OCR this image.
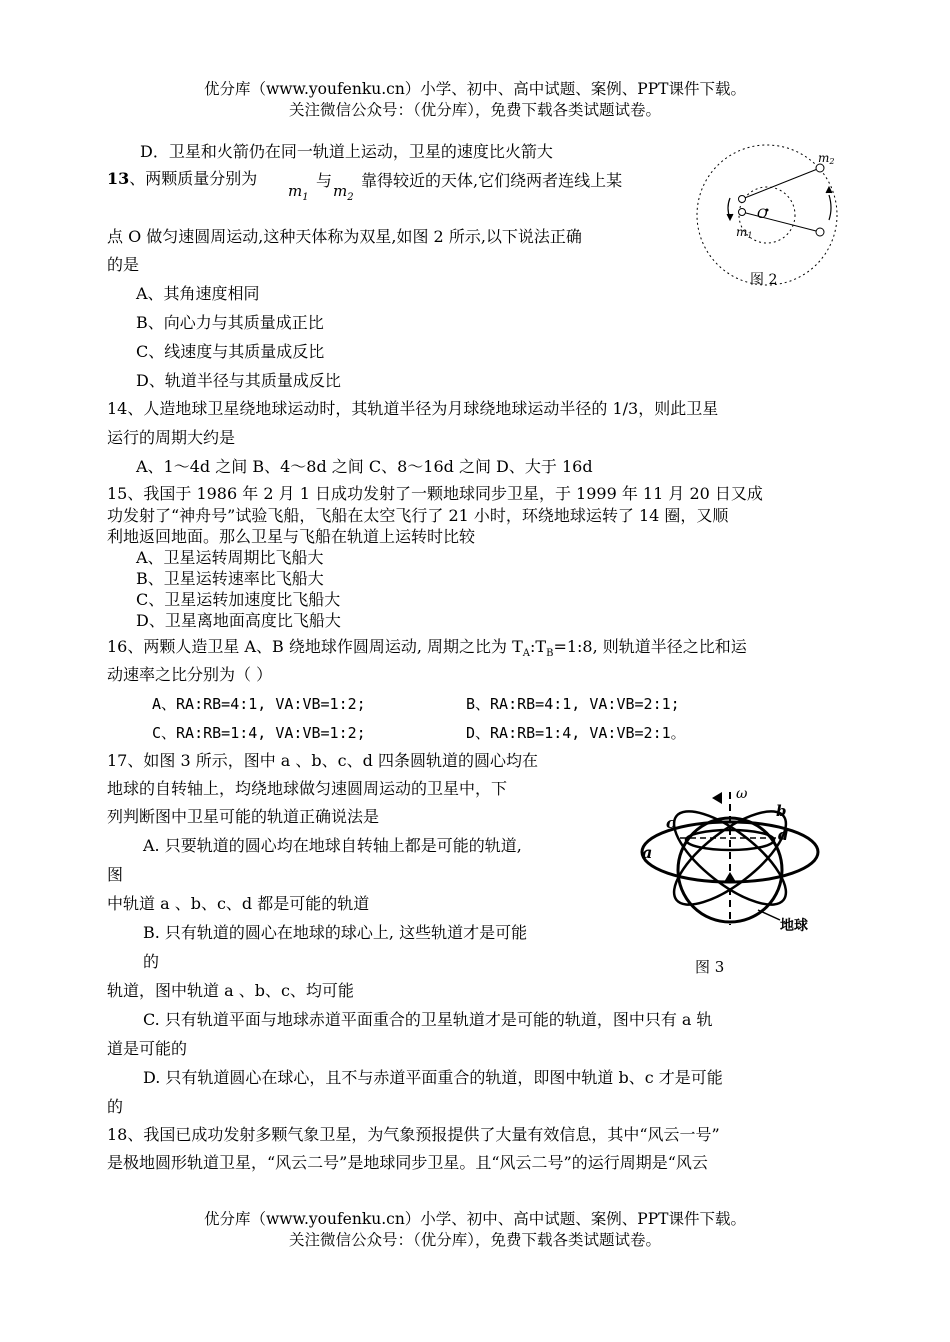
优分库（www.youfenku.cn）小学、初中、高中试题、案例、PPT课件下载。
关注微信公众号：（优分库），免费下载各类试题试卷。
D．卫星和火箭仍在同一轨道上运动，卫星的速度比火箭大
13、两颗质量分别为
$m_1$
与
$m_2$
靠得较近的天体,它们绕两者连线上某
点 O 做匀速圆周运动,这种天体称为双星,如图 2 所示,以下说法正确
的是
A、其角速度相同
B、向心力与其质量成正比
C、线速度与其质量成反比
D、轨道半径与其质量成反比
O
m2
m1
图 2
14、人造地球卫星绕地球运动时，其轨道半径为月球绕地球运动半径的 1/3，则此卫星
运行的周期大约是
A、1～4d 之间 B、4～8d 之间 C、8～16d 之间 D、大于 16d
15、我国于 1986 年 2 月 1 日成功发射了一颗地球同步卫星，于 1999 年 11 月 20 日又成
功发射了“神舟号”试验飞船，飞船在太空飞行了 21 小时，环绕地球运转了 14 圈，又顺
利地返回地面。那么卫星与飞船在轨道上运转时比较
A、卫星运转周期比飞船大
B、卫星运转速率比飞船大
C、卫星运转加速度比飞船大
D、卫星离地面高度比飞船大
16、两颗人造卫星 A、B 绕地球作圆周运动, 周期之比为 $T_A:T_B=1:8$, 则轨道半径之比和运
动速率之比分别为（ ）
A、RA:RB=4:1, VA:VB=1:2;	B、RA:RB=4:1, VA:VB=2:1;
C、RA:RB=1:4, VA:VB=1:2;	D、RA:RB=1:4, VA:VB=2:1。
17、如图 3 所示，图中 a 、b、c、d 四条圆轨道的圆心均在
地球的自转轴上，均绕地球做匀速圆周运动的卫星中，下
列判断图中卫星可能的轨道正确说法是
A. 只要轨道的圆心均在地球自转轴上都是可能的轨道,
图
中轨道 a 、b、c、d 都是可能的轨道
B. 只有轨道的圆心在地球的球心上, 这些轨道才是可能
的
轨道，图中轨道 a 、b、c、均可能
C. 只有轨道平面与地球赤道平面重合的卫星轨道才是可能的轨道，图中只有 a 轨
道是可能的
D. 只有轨道圆心在球心，且不与赤道平面重合的轨道，即图中轨道 b、c 才是可能
的
ω
b
c
d
a
地球
图 3
18、我国已成功发射多颗气象卫星，为气象预报提供了大量有效信息，其中“风云一号”
是极地圆形轨道卫星，“风云二号”是地球同步卫星。且“风云二号”的运行周期是“风云
优分库（www.youfenku.cn）小学、初中、高中试题、案例、PPT课件下载。
关注微信公众号：（优分库），免费下载各类试题试卷。
